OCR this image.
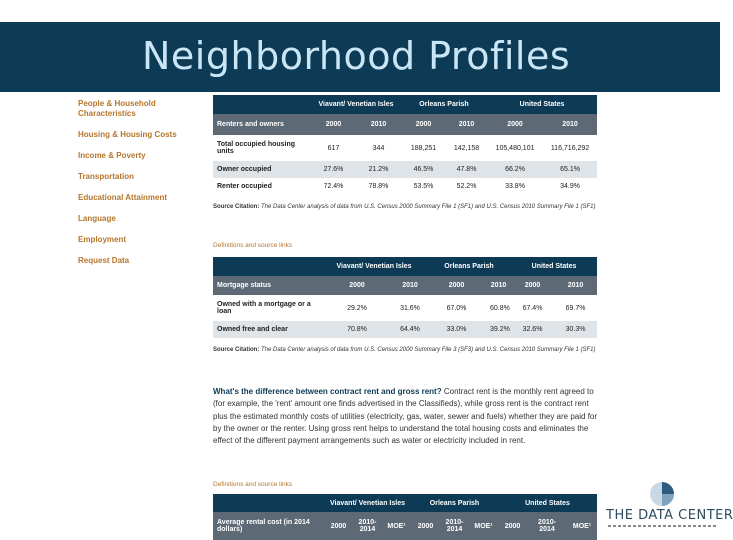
Neighborhood Profiles
People & Household Characteristics
Housing & Housing Costs
Income & Poverty
Transportation
Educational Attainment
Language
Employment
Request Data
	Viavant/ Venetian Isles		Orleans Parish		United States	
Renters and owners	2000	2010	2000	2010	2000	2010
Total occupied housing units	617	344	188,251	142,158	105,480,101	116,716,292
Owner occupied	27.6%	21.2%	46.5%	47.8%	66.2%	65.1%
Renter occupied	72.4%	78.8%	53.5%	52.2%	33.8%	34.9%
Source Citation: The Data Center analysis of data from U.S. Census 2000 Summary File 1 (SF1) and U.S. Census 2010 Summary File 1 (SF1)
Definitions and source links
	Viavant/ Venetian Isles		Orleans Parish		United States	
Mortgage status	2000	2010	2000	2010	2000	2010
Owned with a mortgage or a loan	29.2%	31.6%	67.0%	60.8%	67.4%	69.7%
Owned free and clear	70.8%	64.4%	33.0%	39.2%	32.6%	30.3%
Source Citation: The Data Center analysis of data from U.S. Census 2000 Summary File 3 (SF3) and U.S. Census 2010 Summary File 1 (SF1)
What's the difference between contract rent and gross rent? Contract rent is the monthly rent agreed to (for example, the 'rent' amount one finds advertised in the Classifieds), while gross rent is the contract rent plus the estimated monthly costs of utilities (electricity, gas, water, sewer and fuels) whether they are paid for by the owner or the renter. Using gross rent helps to understand the total housing costs and eliminates the effect of the different payment arrangements such as water or electricity included in rent.
Definitions and source links
	Viavant/ Venetian Isles			Orleans Parish			United States		
Average rental cost (in 2014 dollars)	2000	2010-2014	MOE¹	2000	2010-2014	MOE¹	2000	2010-2014	MOE¹
THE DATA CENTER
